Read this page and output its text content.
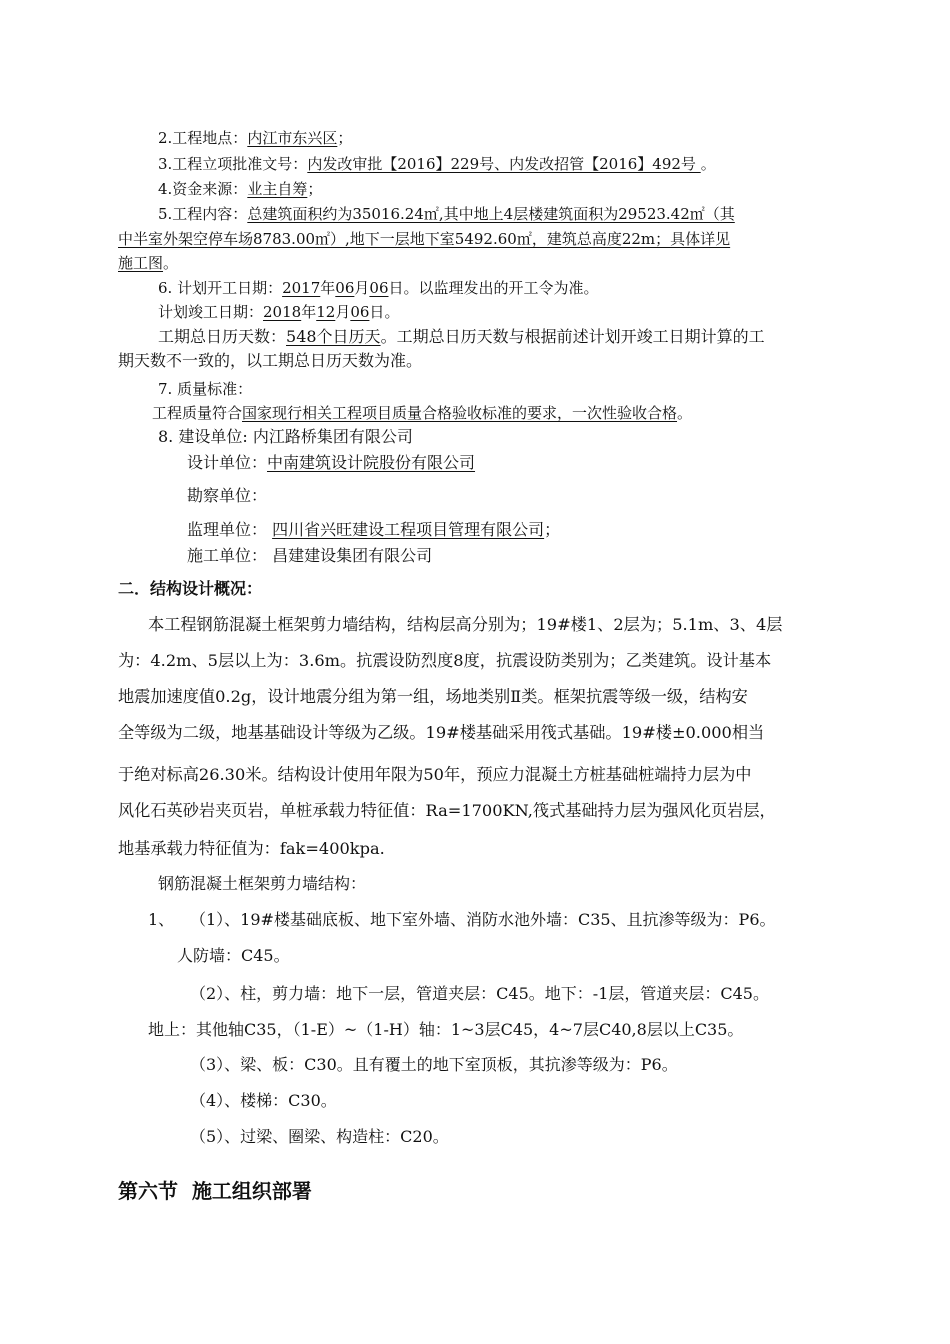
2.工程地点：内江市东兴区；
3.工程立项批准文号：内发改审批【2016】229号、内发改招管【2016】492号 。
4.资金来源：业主自筹；
5.工程内容：总建筑面积约为35016.24㎡,其中地上4层楼建筑面积为29523.42㎡（其
中半室外架空停车场8783.00㎡）,地下一层地下室5492.60㎡，建筑总高度22m；具体详见
施工图。
6. 计划开工日期：2017年06月06日。以监理发出的开工令为准。
计划竣工日期：2018年12月06日。
工期总日历天数：548个日历天。工期总日历天数与根据前述计划开竣工日期计算的工
期天数不一致的，以工期总日历天数为准。
7. 质量标准：
工程质量符合国家现行相关工程项目质量合格验收标准的要求，一次性验收合格。
8. 建设单位: 内江路桥集团有限公司
设计单位：中南建筑设计院股份有限公司
勘察单位：
监理单位： 四川省兴旺建设工程项目管理有限公司；
施工单位： 昌建建设集团有限公司
二．结构设计概况：
本工程钢筋混凝土框架剪力墙结构，结构层高分别为；19#楼1、2层为；5.1m、3、4层
为：4.2m、5层以上为：3.6m。抗震设防烈度8度，抗震设防类别为；乙类建筑。设计基本
地震加速度值0.2g，设计地震分组为第一组，场地类别Ⅱ类。框架抗震等级一级，结构安
全等级为二级，地基基础设计等级为乙级。19#楼基础采用筏式基础。19#楼±0.000相当
于绝对标高26.30米。结构设计使用年限为50年，预应力混凝土方桩基础桩端持力层为中
风化石英砂岩夹页岩，单桩承载力特征值：Ra=1700KN,筏式基础持力层为强风化页岩层，
地基承载力特征值为：fak=400kpa.
钢筋混凝土框架剪力墙结构：
1、 （1）、19#楼基础底板、地下室外墙、消防水池外墙：C35、且抗渗等级为：P6。
人防墙：C45。
（2）、柱，剪力墙：地下一层，管道夹层：C45。地下：-1层，管道夹层：C45。
地上：其他轴C35，（1-E）~（1-H）轴：1~3层C45，4~7层C40,8层以上C35。
（3）、梁、板：C30。且有覆土的地下室顶板，其抗渗等级为：P6。
（4）、楼梯：C30。
（5）、过梁、圈梁、构造柱：C20。
第六节 施工组织部署
